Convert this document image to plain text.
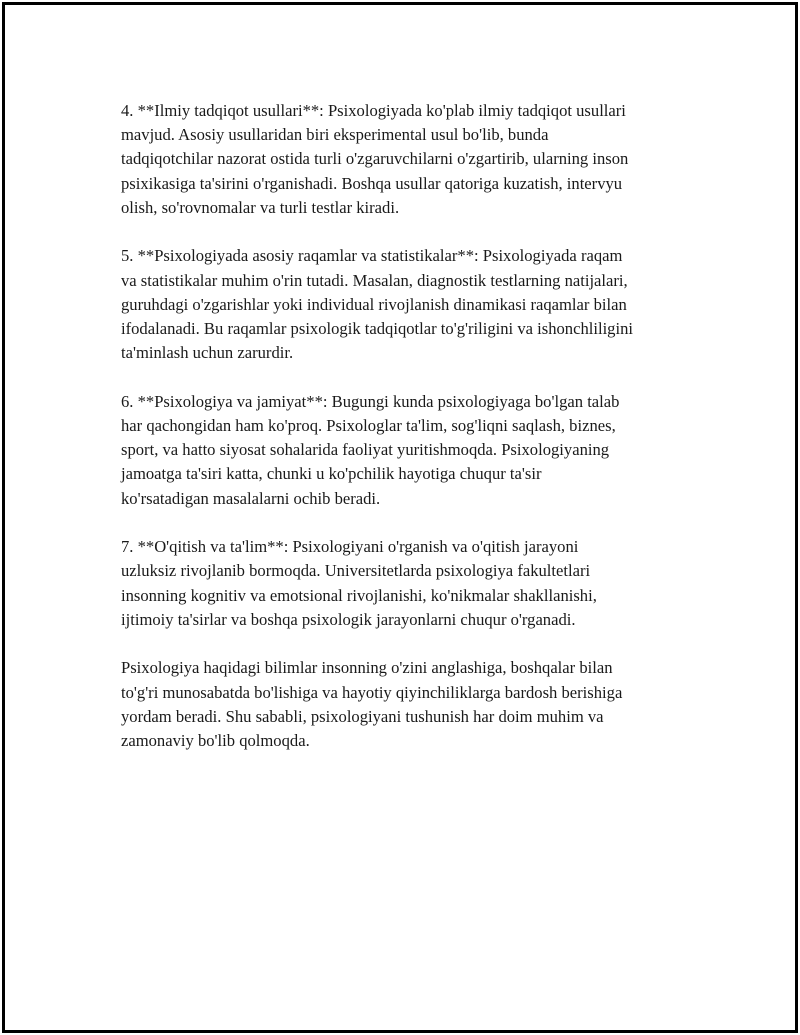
4. **Ilmiy tadqiqot usullari**: Psixologiyada ko'plab ilmiy tadqiqot usullari
mavjud. Asosiy usullaridan biri eksperimental usul bo'lib, bunda
tadqiqotchilar nazorat ostida turli o'zgaruvchilarni o'zgartirib, ularning inson
psixikasiga ta'sirini o'rganishadi. Boshqa usullar qatoriga kuzatish, intervyu
olish, so'rovnomalar va turli testlar kiradi.

5. **Psixologiyada asosiy raqamlar va statistikalar**: Psixologiyada raqam
va statistikalar muhim o'rin tutadi. Masalan, diagnostik testlarning natijalari,
guruhdagi o'zgarishlar yoki individual rivojlanish dinamikasi raqamlar bilan
ifodalanadi. Bu raqamlar psixologik tadqiqotlar to'g'riligini va ishonchliligini
ta'minlash uchun zarurdir.

6. **Psixologiya va jamiyat**: Bugungi kunda psixologiyaga bo'lgan talab
har qachongidan ham ko'proq. Psixologlar ta'lim, sog'liqni saqlash, biznes,
sport, va hatto siyosat sohalarida faoliyat yuritishmoqda. Psixologiyaning
jamoatga ta'siri katta, chunki u ko'pchilik hayotiga chuqur ta'sir
ko'rsatadigan masalalarni ochib beradi.

7. **O'qitish va ta'lim**: Psixologiyani o'rganish va o'qitish jarayoni
uzluksiz rivojlanib bormoqda. Universitetlarda psixologiya fakultetlari
insonning kognitiv va emotsional rivojlanishi, ko'nikmalar shakllanishi,
ijtimoiy ta'sirlar va boshqa psixologik jarayonlarni chuqur o'rganadi.

Psixologiya haqidagi bilimlar insonning o'zini anglashiga, boshqalar bilan
to'g'ri munosabatda bo'lishiga va hayotiy qiyinchiliklarga bardosh berishiga
yordam beradi. Shu sababli, psixologiyani tushunish har doim muhim va
zamonaviy bo'lib qolmoqda.
